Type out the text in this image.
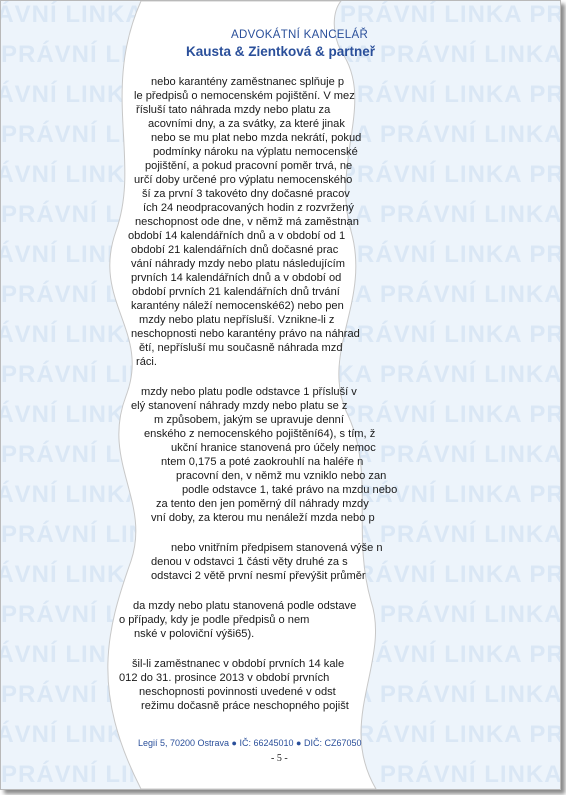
nebo karantény zaměstnanec splňuje p
le předpisů o nemocenském pojištění. V mez
řísluší tato náhrada mzdy nebo platu za
acovními dny, a za svátky, za které jinak
nebo se mu plat nebo mzda nekrátí, pokud
podmínky nároku na výplatu nemocenské
pojištění, a pokud pracovní poměr trvá, ne
určí doby určené pro výplatu nemocenského
ší za první 3 takovéto dny dočasné pracov
ích 24 neodpracovaných hodin z rozvržený
neschopnost ode dne, v němž má zaměstnan
období 14 kalendářních dnů a v období od 1
období 21 kalendářních dnů dočasné prac
vání náhrady mzdy nebo platu následujícím
prvních 14 kalendářních dnů a v období od
období prvních 21 kalendářních dnů trvání
karantény náleží nemocenské62) nebo pen
mzdy nebo platu nepřísluší. Vznikne-li z
neschopnosti nebo karantény právo na náhrad
ětí, nepřísluší mu současně náhrada mzd
ráci.
mzdy nebo platu podle odstavce 1 přísluší v
elý stanovení náhrady mzdy nebo platu se z
m způsobem, jakým se upravuje denní
enského z nemocenského pojištění64), s tím, ž
ukční hranice stanovená pro účely nemoc
ntem 0,175 a poté zaokrouhlí na haléře n
pracovní den, v němž mu vzniklo nebo zan
podle odstavce 1, také právo na mzdu nebo
za tento den jen poměrný díl náhrady mzdy
vní doby, za kterou mu nenáleží mzda nebo p
nebo vnitřním předpisem stanovená výše n
denou v odstavci 1 části věty druhé za s
odstavci 2 větě první nesmí převýšit průměr
da mzdy nebo platu stanovená podle odstave
o případy, kdy je podle předpisů o nem
nské v poloviční výši65).
šil-li zaměstnanec v období prvních 14 kale
012 do 31. prosince 2013 v období prvních
neschopnosti povinnosti uvedené v odst
režimu dočasně práce neschopného pojišt
ADVOKÁTNÍ KANCELÁŘ
Kausta & Zientková & partneř
Legií 5, 70200 Ostrava ● IČ: 66245010 ● DIČ: CZ67050
- 5 -
